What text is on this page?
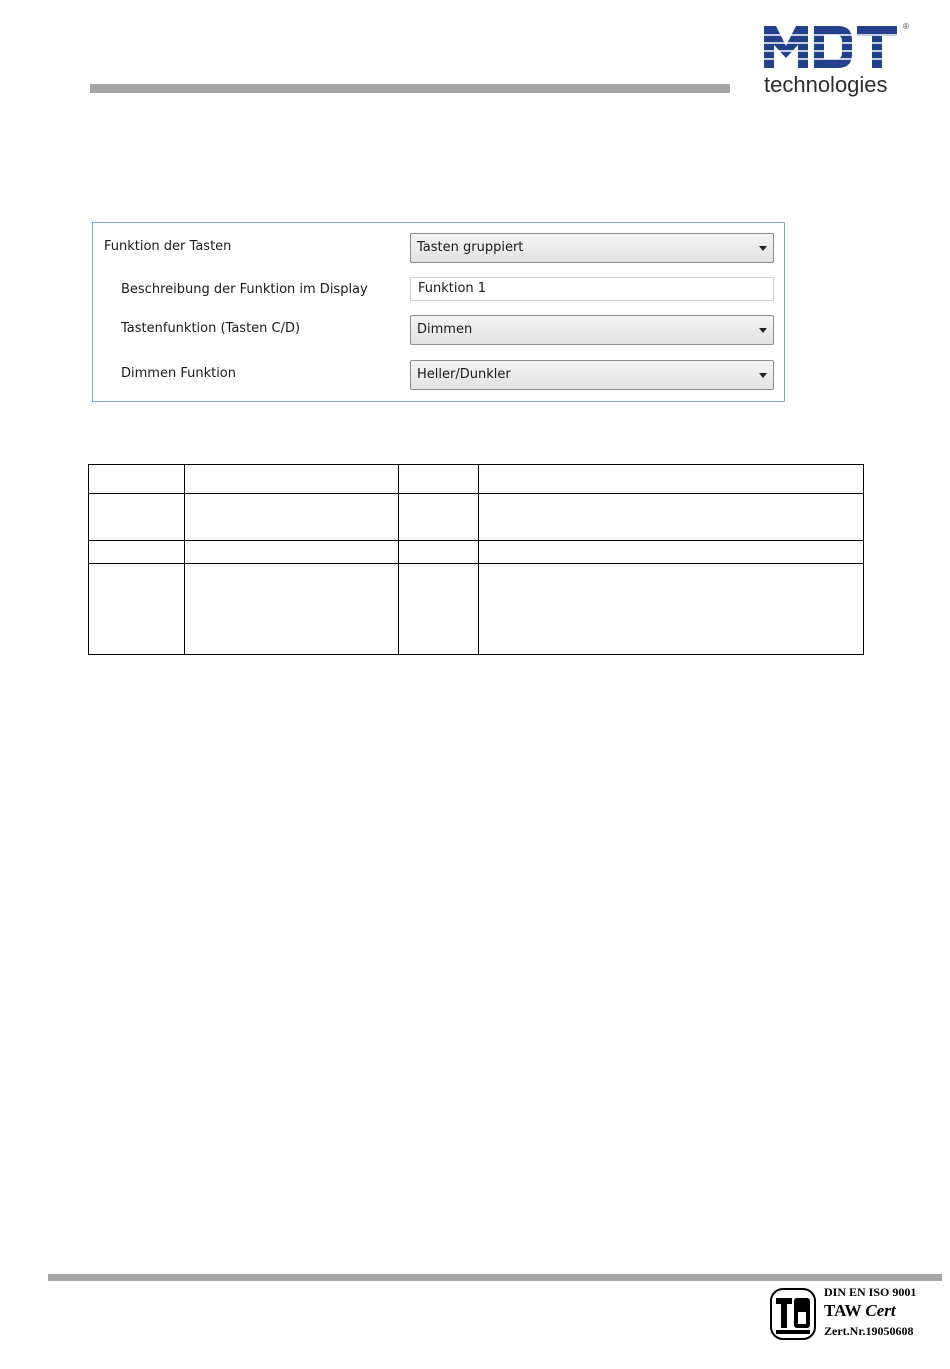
®
technologies
Funktion der Tasten	Tasten gruppiert
Beschreibung der Funktion im Display	Funktion 1
Tastenfunktion (Tasten C/D)	Dimmen
Dimmen Funktion	Heller/Dunkler

DIN EN ISO 9001
TAW Cert
Zert.Nr.19050608
